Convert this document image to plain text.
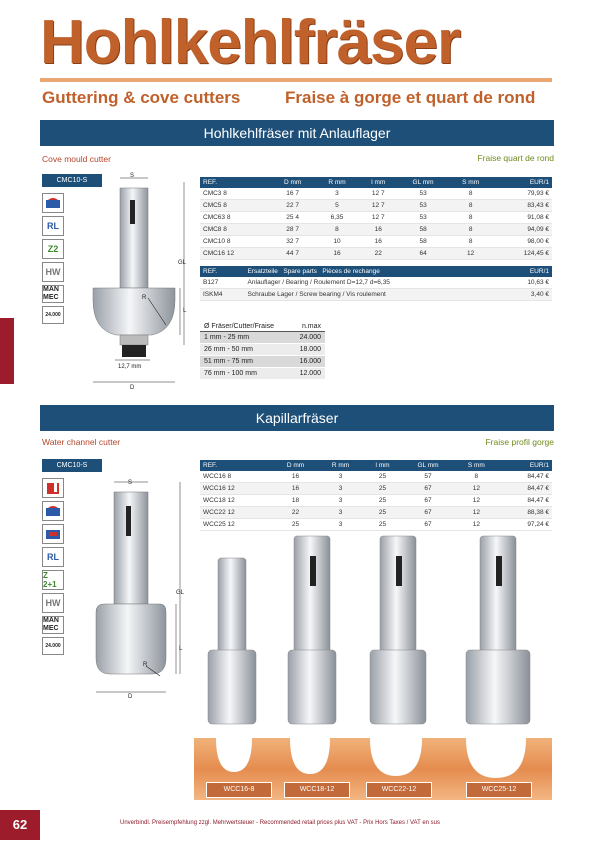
Hohlkehlfräser
Guttering & cove cutters	Fraise à gorge et quart de rond
Hohlkehlfräser mit Anlauflager
Cove mould cutter	Fraise quart de rond
CMC10-S
RL
Z2
HW
MAN MEC
24.000
S
GL
L
R
12,7 mm
D
REF.	D mm	R mm	l mm	GL mm	S mm	EUR/1
CMC3 8	16 7	3	12 7	53	8	79,93 €
CMC5 8	22 7	5	12 7	53	8	83,43 €
CMC63 8	25 4	6,35	12 7	53	8	91,08 €
CMC8 8	28 7	8	16	58	8	94,09 €
CMC10 8	32 7	10	16	58	8	98,00 €
CMC16 12	44 7	16	22	64	12	124,45 €
REF.	Ersatzteile Spare parts Pièces de rechange	EUR/1
B127	Anlauflager / Bearing / Roulement D=12,7 d=6,35	10,63 €
ISKM4	Schraube Lager / Screw bearing / Vis roulement	3,40 €
Ø Fräser/Cutter/Fraise	n.max
1 mm - 25 mm	24.000
26 mm - 50 mm	18.000
51 mm - 75 mm	16.000
76 mm - 100 mm	12.000
Kapillarfräser
Water channel cutter	Fraise profil gorge
CMC10-S
RL
Z 2+1
HW
MAN MEC
24.000
S
GL
L
R
D
REF.	D mm	R mm	l mm	GL mm	S mm	EUR/1
WCC16 8	16	3	25	57	8	84,47 €
WCC16 12	16	3	25	67	12	84,47 €
WCC18 12	18	3	25	67	12	84,47 €
WCC22 12	22	3	25	67	12	88,38 €
WCC25 12	25	3	25	67	12	97,24 €
WCC16-8	WCC18-12	WCC22-12	WCC25-12
62	Unverbindl. Preisempfehlung zzgl. Mehrwertsteuer - Recommended retail prices plus VAT - Prix Hors Taxes / VAT en sus
